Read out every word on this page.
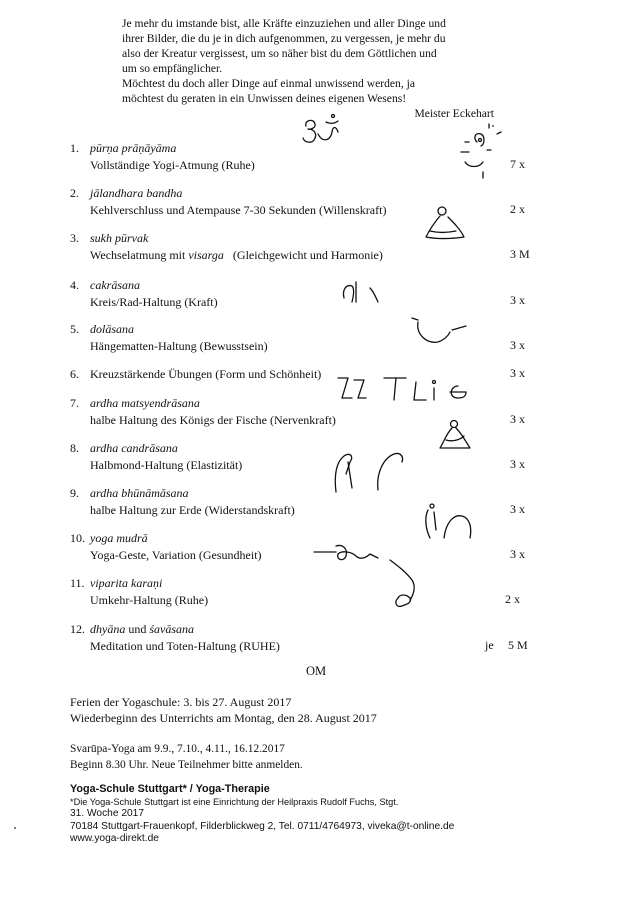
Je mehr du imstande bist, alle Kräfte einzuziehen und aller Dinge und

ihrer Bilder, die du je in dich aufgenommen, zu vergessen, je mehr du

also der Kreatur vergissest, um so näher bist du dem Göttlichen und

um so empfänglicher.

Möchtest du doch aller Dinge auf einmal unwissend werden, ja

möchtest du geraten in ein Unwissen deines eigenen Wesens!

Meister Eckehart
1. pūrṇa prāṇāyāma
Vollständige Yogi-Atmung (Ruhe)	7 x
2. jālandhara bandha
Kehlverschluss und Atempause 7-30 Sekunden (Willenskraft)	2 x
3. sukh pūrvak
Wechselatmung mit visarga   (Gleichgewicht und Harmonie)	3 M
4. cakrāsana
Kreis/Rad-Haltung (Kraft)	3 x
5. dolāsana
Hängematten-Haltung (Bewusstsein)	3 x
6. Kreuzstärkende Übungen (Form und Schönheit)	3 x
7. ardha matsyendrāsana
halbe Haltung des Königs der Fische (Nervenkraft)	3 x
8. ardha candrāsana
Halbmond-Haltung (Elastizität)	3 x
9. ardha bhūnāmāsana
halbe Haltung zur Erde (Widerstandskraft)	3 x
10. yoga mudrā
Yoga-Geste, Variation (Gesundheit)	3 x
11. viparita karaṇi
Umkehr-Haltung (Ruhe)	2 x
12. dhyāna und śavāsana
Meditation und Toten-Haltung (RUHE)	je 5 M
OM
Ferien der Yogaschule: 3. bis 27. August 2017
Wiederbeginn des Unterrichts am Montag, den 28. August 2017
Svarūpa-Yoga am 9.9., 7.10., 4.11., 16.12.2017
Beginn 8.30 Uhr. Neue Teilnehmer bitte anmelden.
Yoga-Schule Stuttgart* / Yoga-Therapie
*Die Yoga-Schule Stuttgart ist eine Einrichtung der Heilpraxis Rudolf Fuchs, Stgt.
31. Woche 2017
70184 Stuttgart-Frauenkopf, Filderblickweg 2, Tel. 0711/4764973, viveka@t-online.de
www.yoga-direkt.de
